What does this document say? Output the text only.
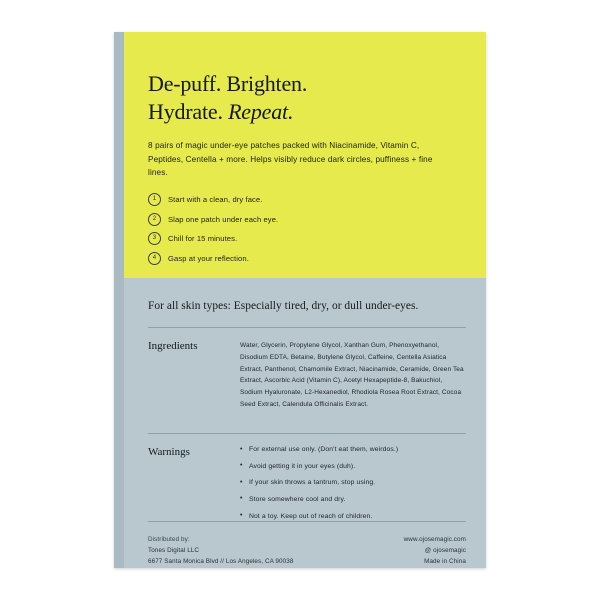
De-puff. Brighten.
Hydrate. Repeat.

8 pairs of magic under-eye patches packed with Niacinamide, Vitamin C, Peptides, Centella + more. Helps visibly reduce dark circles, puffiness + fine lines.

1	Start with a clean, dry face.
2	Slap one patch under each eye.
3	Chill for 15 minutes.
4	Gasp at your reflection.

For all skin types: Especially tired, dry, or dull under-eyes.
Ingredients	Water, Glycerin, Propylene Glycol, Xanthan Gum, Phenoxyethanol, Disodium EDTA, Betaine, Butylene Glycol, Caffeine, Centella Asiatica Extract, Panthenol, Chamomile Extract, Niacinamide, Ceramide, Green Tea Extract, Ascorbic Acid (Vitamin C), Acetyl Hexapeptide-8, Bakuchiol, Sodium Hyaluronate, L2-Hexanediol, Rhodiola Rosea Root Extract, Cocoa Seed Extract, Calendula Officinalis Extract.
Warnings	• For external use only. (Don't eat them, weirdos.)
• Avoid getting it in your eyes (duh).
• If your skin throws a tantrum, stop using.
• Store somewhere cool and dry.
• Not a toy. Keep out of reach of children.
Distributed by:
Tones Digital LLC
6677 Santa Monica Blvd // Los Angeles, CA 90038
www.ojosemagic.com
@ ojosemagic
Made in China
